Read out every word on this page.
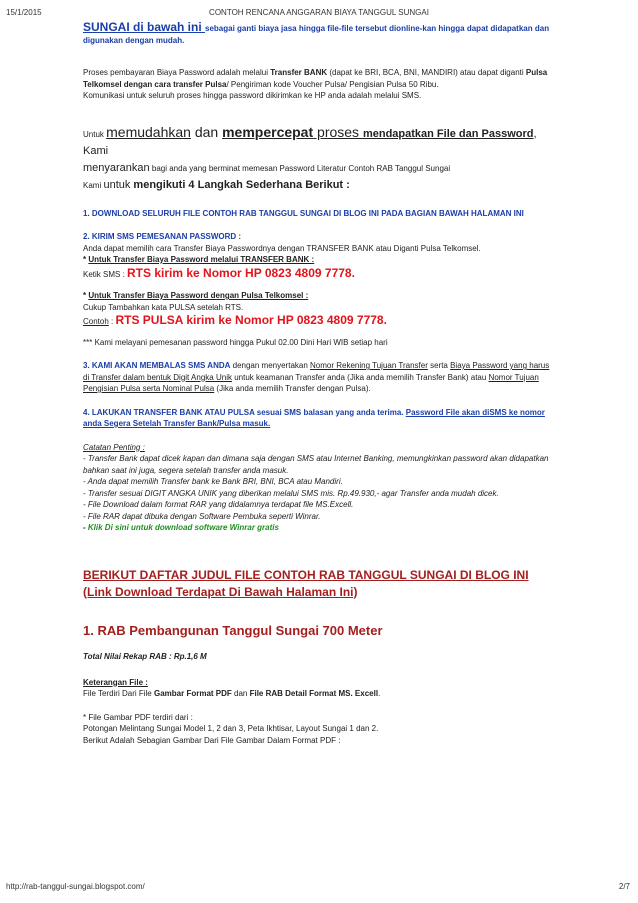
15/1/2015	CONTOH RENCANA ANGGARAN BIAYA TANGGUL SUNGAI

SUNGAI di bawah ini sebagai ganti biaya jasa hingga file-file tersebut dionline-kan hingga dapat didapatkan dan digunakan dengan mudah.

Proses pembayaran Biaya Password adalah melalui Transfer BANK (dapat ke BRI, BCA, BNI, MANDIRI) atau dapat diganti Pulsa Telkomsel dengan cara transfer Pulsa/ Pengiriman kode Voucher Pulsa/ Pengisian Pulsa 50 Ribu.
Komunikasi untuk seluruh proses hingga password dikirimkan ke HP anda adalah melalui SMS.

Untuk memudahkan dan mempercepat proses mendapatkan File dan Password, Kami
menyarankan bagi anda yang berminat memesan Password Literatur Contoh RAB Tanggul Sungai
Kami untuk mengikuti 4 Langkah Sederhana Berikut :

1. DOWNLOAD SELURUH FILE CONTOH RAB TANGGUL SUNGAI DI BLOG INI PADA BAGIAN BAWAH HALAMAN INI

2. KIRIM SMS PEMESANAN PASSWORD :

Anda dapat memilih cara Transfer Biaya Passwordnya dengan TRANSFER BANK atau Diganti Pulsa Telkomsel.

* Untuk Transfer Biaya Password melalui TRANSFER BANK :

Ketik SMS : RTS kirim ke Nomor HP 0823 4809 7778.

* Untuk Transfer Biaya Password dengan Pulsa Telkomsel :

Cukup Tambahkan kata PULSA setelah RTS.

Contoh : RTS PULSA kirim ke Nomor HP 0823 4809 7778.

*** Kami melayani pemesanan password hingga Pukul 02.00 Dini Hari WIB setiap hari

3. KAMI AKAN MEMBALAS SMS ANDA dengan menyertakan Nomor Rekening Tujuan Transfer serta Biaya Password yang harus di Transfer dalam bentuk Digit Angka Unik untuk keamanan Transfer anda (Jika anda memilih Transfer Bank) atau Nomor Tujuan Pengisian Pulsa serta Nominal Pulsa (Jika anda memilih Transfer dengan Pulsa).

4. LAKUKAN TRANSFER BANK ATAU PULSA sesuai SMS balasan yang anda terima. Password File akan diSMS ke nomor anda Segera Setelah Transfer Bank/Pulsa masuk.

Catatan Penting :

- Transfer Bank dapat dicek kapan dan dimana saja dengan SMS atau Internet Banking, memungkinkan password akan didapatkan bahkan saat ini juga, segera setelah transfer anda masuk.

- Anda dapat memilih Transfer bank ke Bank BRI, BNI, BCA atau Mandiri.

- Transfer sesuai DIGIT ANGKA UNIK yang diberikan melalui SMS mis. Rp.49.930,- agar Transfer anda mudah dicek.

- File Download dalam format RAR yang didalamnya terdapat file MS.Excell.

- File RAR dapat dibuka dengan Software Pembuka seperti Winrar.

- Klik Di sini untuk download software Winrar gratis

BERIKUT DAFTAR JUDUL FILE CONTOH RAB TANGGUL SUNGAI DI BLOG INI
(Link Download Terdapat Di Bawah Halaman Ini)

1. RAB Pembangunan Tanggul Sungai 700 Meter

Total Nilai Rekap RAB : Rp.1,6 M

Keterangan File :

File Terdiri Dari File Gambar Format PDF dan File RAB Detail Format MS. Excell.

* File Gambar PDF terdiri dari :

Potongan Melintang Sungai Model 1, 2 dan 3, Peta Ikhtisar, Layout Sungai 1 dan 2.

Berikut Adalah Sebagian Gambar Dari File Gambar Dalam Format PDF :

http://rab-tanggul-sungai.blogspot.com/	2/7
